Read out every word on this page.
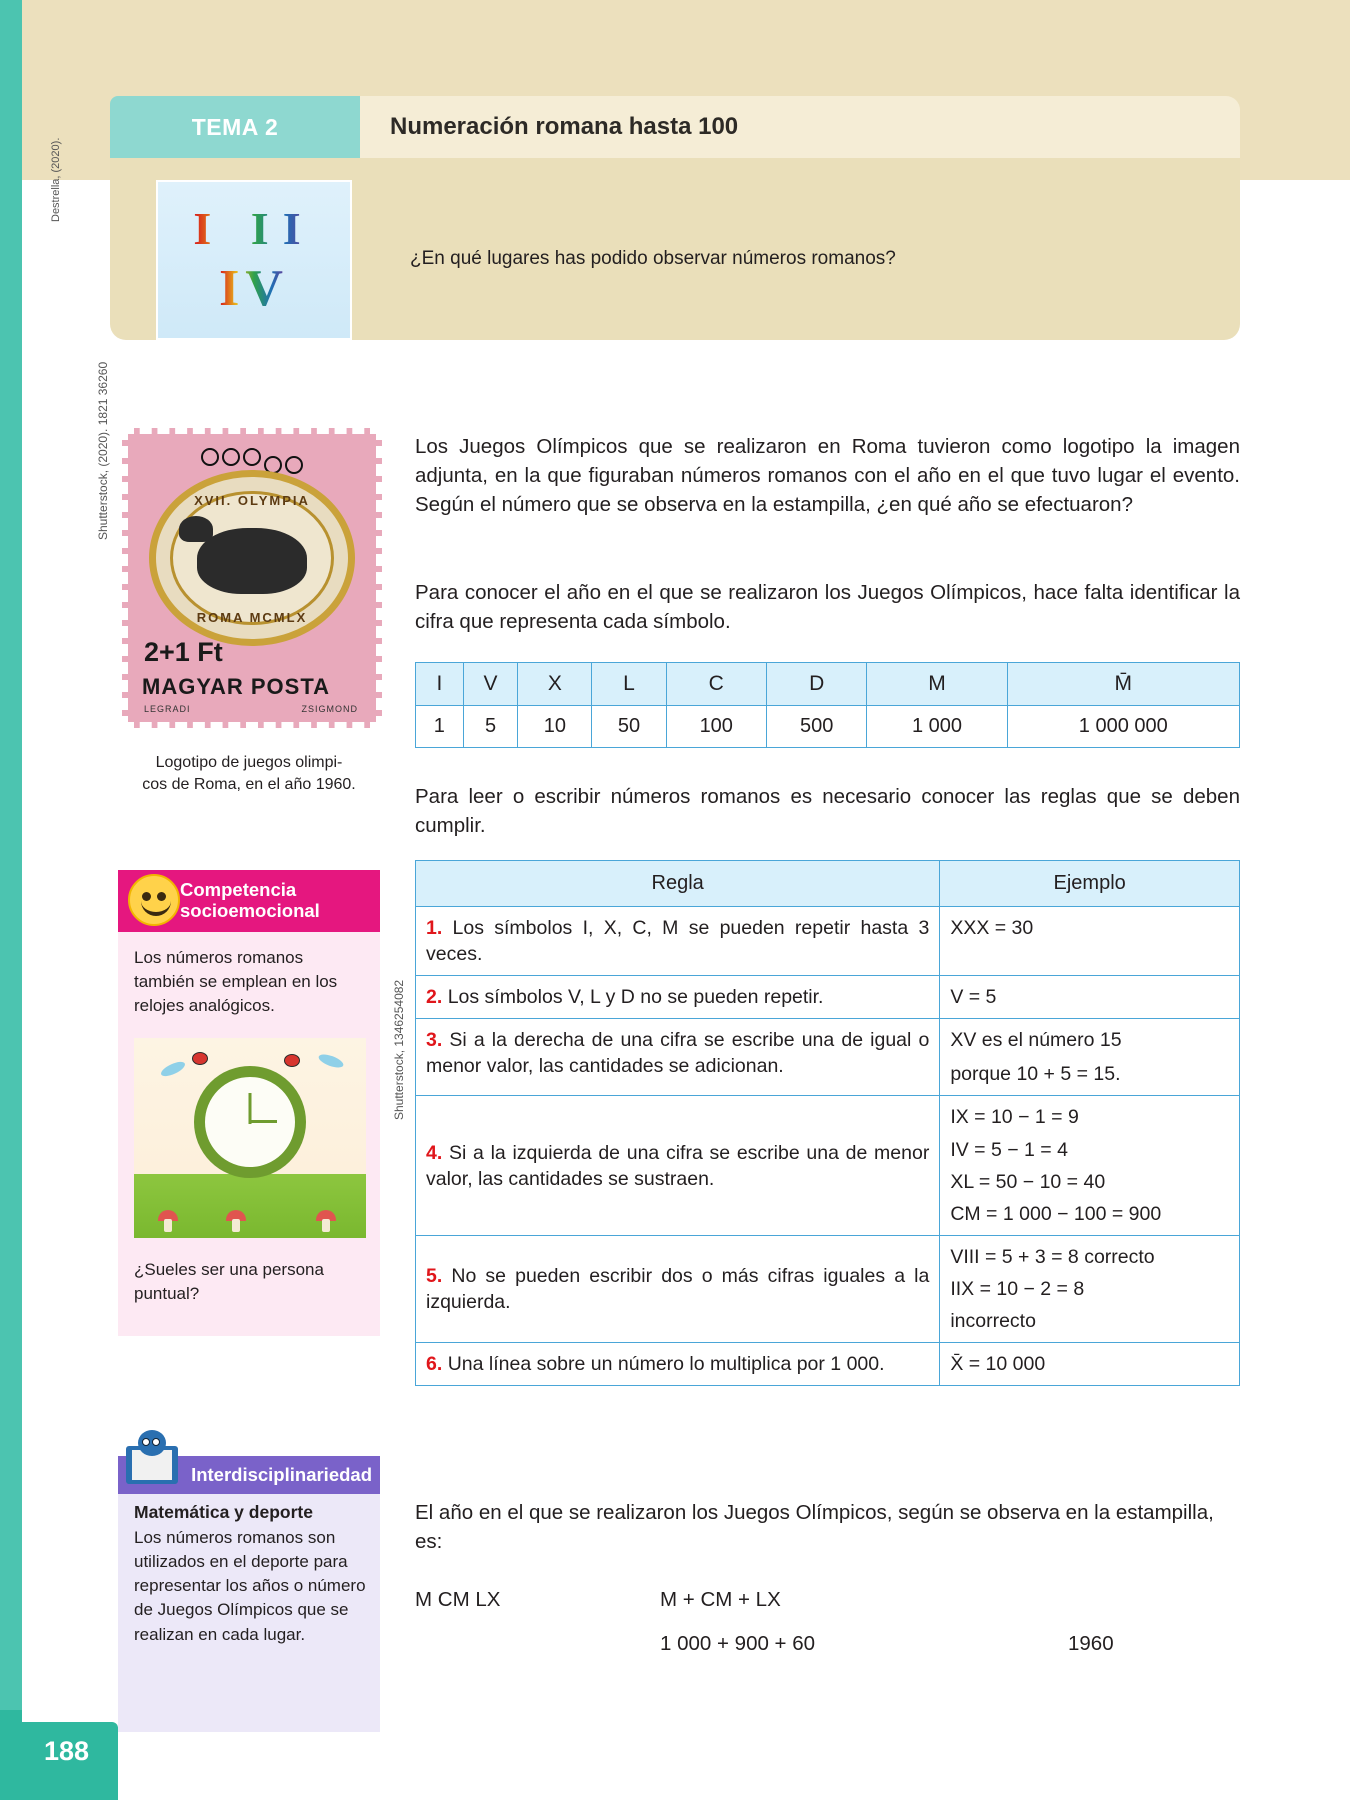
188
TEMA 2	Numeración romana hasta 100
I II
IV
¿En qué lugares has podido observar números romanos?
Destrella, (2020).
XVII. OLYMPIA
ROMA MCMLX
2+1 Ft
MAGYAR POSTA
LEGRADI	ZSIGMOND
Shutterstock, (2020). 1821 36260
Logotipo de juegos olimpi-
cos de Roma, en el año 1960.
Los Juegos Olímpicos que se realizaron en Roma tuvieron como logotipo la imagen adjunta, en la que figuraban números romanos con el año en el que tuvo lugar el evento. Según el número que se observa en la estampilla, ¿en qué año se efectuaron?
Para conocer el año en el que se realizaron los Juegos Olímpicos, hace falta identificar la cifra que representa cada símbolo.
I	V	X	L	C	D	M	M̄
1	5	10	50	100	500	1 000	1 000 000
Para leer o escribir números romanos es necesario conocer las reglas que se deben cumplir.
Regla	Ejemplo
1. Los símbolos I, X, C, M se pueden repetir hasta 3 veces.	XXX = 30

2. Los símbolos V, L y D no se pueden repetir.	V = 5

3. Si a la derecha de una cifra se escribe una de igual o menor valor, las cantidades se adicionan.	XV es el número 15
porque 10 + 5 = 15.

4. Si a la izquierda de una cifra se escribe una de menor valor, las cantidades se sustraen.	IX = 10 − 1 = 9
IV = 5 − 1 = 4
XL = 50 − 10 = 40
CM = 1 000 − 100 = 900

5. No se pueden escribir dos o más cifras iguales a la izquierda.	VIII = 5 + 3 = 8 correcto
IIX = 10 − 2 = 8
incorrecto

6. Una línea sobre un número lo multiplica por 1 000.	X̄ = 10 000
Competencia
socioemocional
Los números romanos también se emplean en los relojes analógicos.
¿Sueles ser una persona puntual?
Shutterstock, 1346254082
Interdisciplinariedad
Matemática y deporte
Los números romanos son utilizados en el deporte para representar los años o número de Juegos Olímpicos que se realizan en cada lugar.
El año en el que se realizaron los Juegos Olímpicos, según se observa en la estampilla, es:
M CM LX	M + CM + LX
1 000 + 900 + 60	1960
